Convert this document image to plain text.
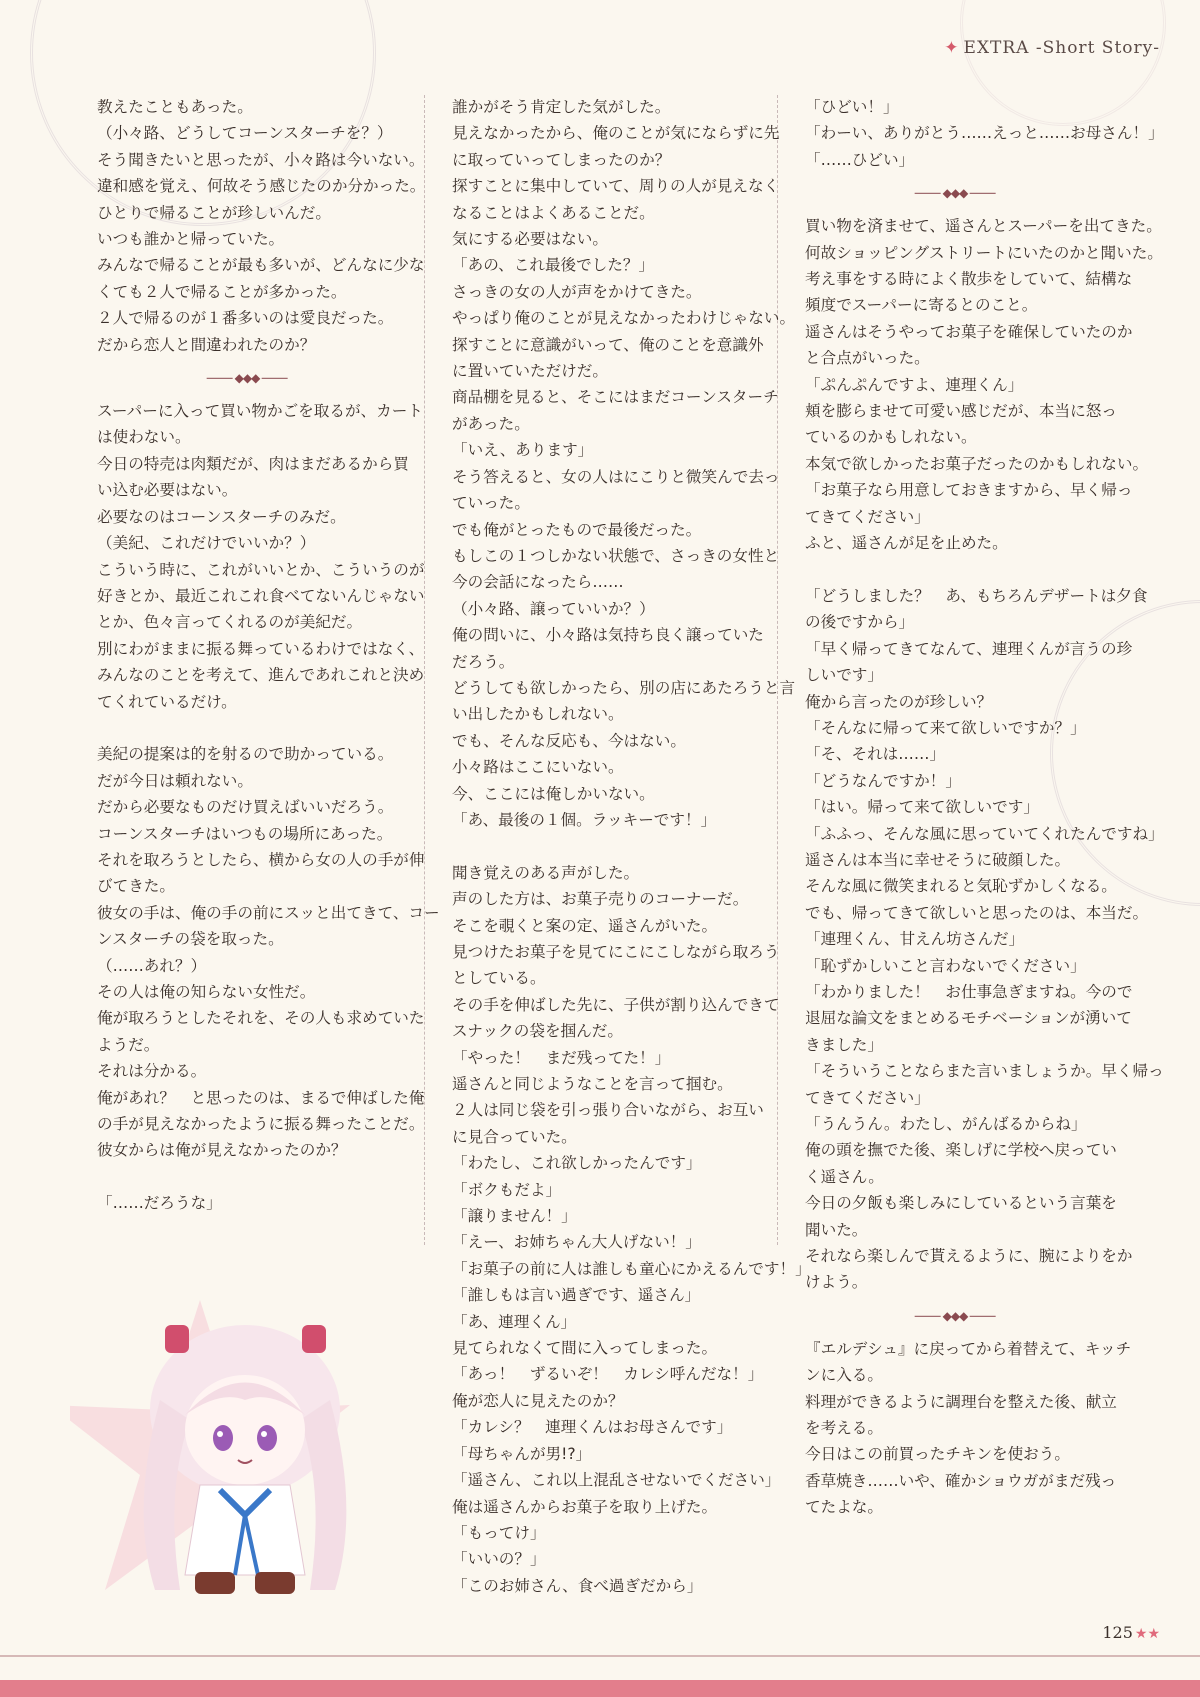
✦ EXTRA -Short Story-

教えたこともあった。

（小々路、どうしてコーンスターチを？）

そう聞きたいと思ったが、小々路は今いない。

違和感を覚え、何故そう感じたのか分かった。

ひとりで帰ることが珍しいんだ。

いつも誰かと帰っていた。

みんなで帰ることが最も多いが、どんなに少な

くても２人で帰ることが多かった。

２人で帰るのが１番多いのは愛良だった。

だから恋人と間違われたのか？

◆◆◆

スーパーに入って買い物かごを取るが、カート

は使わない。

今日の特売は肉類だが、肉はまだあるから買

い込む必要はない。

必要なのはコーンスターチのみだ。

（美紀、これだけでいいか？）

こういう時に、これがいいとか、こういうのが

好きとか、最近これこれ食べてないんじゃない

とか、色々言ってくれるのが美紀だ。

別にわがままに振る舞っているわけではなく、

みんなのことを考えて、進んであれこれと決め

てくれているだけ。

美紀の提案は的を射るので助かっている。

だが今日は頼れない。

だから必要なものだけ買えばいいだろう。

コーンスターチはいつもの場所にあった。

それを取ろうとしたら、横から女の人の手が伸

びてきた。

彼女の手は、俺の手の前にスッと出てきて、コー

ンスターチの袋を取った。

（……あれ？）

その人は俺の知らない女性だ。

俺が取ろうとしたそれを、その人も求めていた

ようだ。

それは分かる。

俺があれ？　と思ったのは、まるで伸ばした俺

の手が見えなかったように振る舞ったことだ。

彼女からは俺が見えなかったのか？

「……だろうな」

誰かがそう肯定した気がした。

見えなかったから、俺のことが気にならずに先

に取っていってしまったのか？

探すことに集中していて、周りの人が見えなく

なることはよくあることだ。

気にする必要はない。

「あの、これ最後でした？」

さっきの女の人が声をかけてきた。

やっぱり俺のことが見えなかったわけじゃない。

探すことに意識がいって、俺のことを意識外

に置いていただけだ。

商品棚を見ると、そこにはまだコーンスターチ

があった。

「いえ、あります」

そう答えると、女の人はにこりと微笑んで去っ

ていった。

でも俺がとったもので最後だった。

もしこの１つしかない状態で、さっきの女性と

今の会話になったら……

（小々路、譲っていいか？）

俺の問いに、小々路は気持ち良く譲っていた

だろう。

どうしても欲しかったら、別の店にあたろうと言

い出したかもしれない。

でも、そんな反応も、今はない。

小々路はここにいない。

今、ここには俺しかいない。

「あ、最後の１個。ラッキーです！」

聞き覚えのある声がした。

声のした方は、お菓子売りのコーナーだ。

そこを覗くと案の定、遥さんがいた。

見つけたお菓子を見てにこにこしながら取ろう

としている。

その手を伸ばした先に、子供が割り込んできて

スナックの袋を掴んだ。

「やった！　まだ残ってた！」

遥さんと同じようなことを言って掴む。

２人は同じ袋を引っ張り合いながら、お互い

に見合っていた。

「わたし、これ欲しかったんです」

「ボクもだよ」

「譲りません！」

「えー、お姉ちゃん大人げない！」

「お菓子の前に人は誰しも童心にかえるんです！」

「誰しもは言い過ぎです、遥さん」

「あ、連理くん」

見てられなくて間に入ってしまった。

「あっ！　ずるいぞ！　カレシ呼んだな！」

俺が恋人に見えたのか？

「カレシ？　連理くんはお母さんです」

「母ちゃんが男!?」

「遥さん、これ以上混乱させないでください」

俺は遥さんからお菓子を取り上げた。

「もってけ」

「いいの？」

「このお姉さん、食べ過ぎだから」

「ひどい！」

「わーい、ありがとう……えっと……お母さん！」

「……ひどい」

◆◆◆

買い物を済ませて、遥さんとスーパーを出てきた。

何故ショッピングストリートにいたのかと聞いた。

考え事をする時によく散歩をしていて、結構な

頻度でスーパーに寄るとのこと。

遥さんはそうやってお菓子を確保していたのか

と合点がいった。

「ぷんぷんですよ、連理くん」

頬を膨らませて可愛い感じだが、本当に怒っ

ているのかもしれない。

本気で欲しかったお菓子だったのかもしれない。

「お菓子なら用意しておきますから、早く帰っ

てきてください」

ふと、遥さんが足を止めた。

「どうしました？　あ、もちろんデザートは夕食

の後ですから」

「早く帰ってきてなんて、連理くんが言うの珍

しいです」

俺から言ったのが珍しい？

「そんなに帰って来て欲しいですか？」

「そ、それは……」

「どうなんですか！」

「はい。帰って来て欲しいです」

「ふふっ、そんな風に思っていてくれたんですね」

遥さんは本当に幸せそうに破顔した。

そんな風に微笑まれると気恥ずかしくなる。

でも、帰ってきて欲しいと思ったのは、本当だ。

「連理くん、甘えん坊さんだ」

「恥ずかしいこと言わないでください」

「わかりました！　お仕事急ぎますね。今ので

退屈な論文をまとめるモチベーションが湧いて

きました」

「そういうことならまた言いましょうか。早く帰っ

てきてください」

「うんうん。わたし、がんばるからね」

俺の頭を撫でた後、楽しげに学校へ戻ってい

く遥さん。

今日の夕飯も楽しみにしているという言葉を

聞いた。

それなら楽しんで貰えるように、腕によりをか

けよう。

◆◆◆

『エルデシュ』に戻ってから着替えて、キッチ

ンに入る。

料理ができるように調理台を整えた後、献立

を考える。

今日はこの前買ったチキンを使おう。

香草焼き……いや、確かショウガがまだ残っ

てたよな。

125 ★★
